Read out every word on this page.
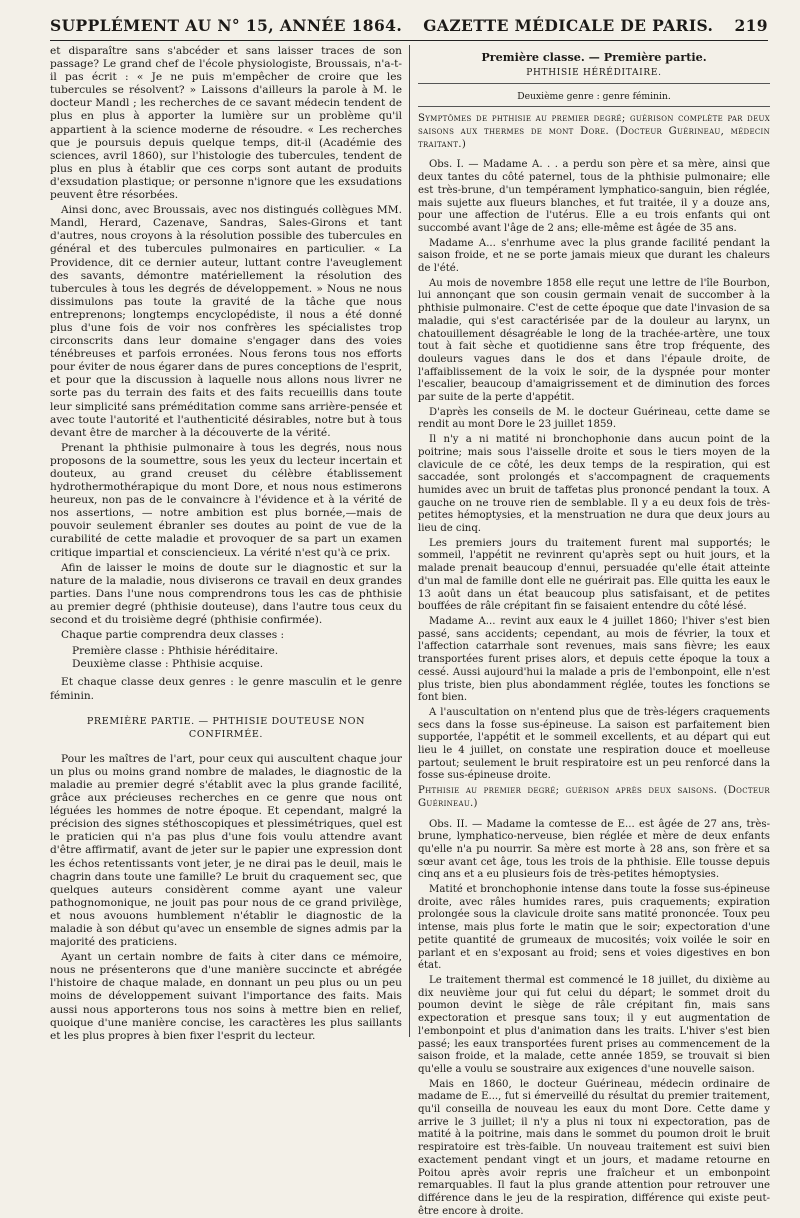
SUPPLÉMENT AU N° 15, ANNÉE 1864. GAZETTE MÉDICALE DE PARIS. 219

et disparaître sans s'abcéder et sans laisser traces de son passage? Le grand chef de l'école physiologiste, Broussais, n'a-t-il pas écrit : « Je ne puis m'empêcher de croire que les tubercules se résolvent? » Laissons d'ailleurs la parole à M. le docteur Mandl ; les recherches de ce savant médecin tendent de plus en plus à apporter la lumière sur un problème qu'il appartient à la science moderne de résoudre. « Les recherches que je poursuis depuis quelque temps, dit-il (Académie des sciences, avril 1860), sur l'histologie des tubercules, tendent de plus en plus à établir que ces corps sont autant de produits d'exsudation plastique; or personne n'ignore que les exsudations peuvent être résorbées.

Ainsi donc, avec Broussais, avec nos distingués collègues MM. Mandl, Herard, Cazenave, Sandras, Sales-Girons et tant d'autres, nous croyons à la résolution possible des tubercules en général et des tubercules pulmonaires en particulier. « La Providence, dit ce dernier auteur, luttant contre l'aveuglement des savants, démontre matériellement la résolution des tubercules à tous les degrés de développement. » Nous ne nous dissimulons pas toute la gravité de la tâche que nous entreprenons; longtemps encyclopédiste, il nous a été donné plus d'une fois de voir nos confrères les spécialistes trop circonscrits dans leur domaine s'engager dans des voies ténébreuses et parfois erronées. Nous ferons tous nos efforts pour éviter de nous égarer dans de pures conceptions de l'esprit, et pour que la discussion à laquelle nous allons nous livrer ne sorte pas du terrain des faits et des faits recueillis dans toute leur simplicité sans préméditation comme sans arrière-pensée et avec toute l'autorité et l'authenticité désirables, notre but à tous devant être de marcher à la découverte de la vérité.

Prenant la phthisie pulmonaire à tous les degrés, nous nous proposons de la soumettre, sous les yeux du lecteur incertain et douteux, au grand creuset du célèbre établissement hydrothermothérapique du mont Dore, et nous nous estimerons heureux, non pas de le convaincre à l'évidence et à la vérité de nos assertions, — notre ambition est plus bornée,—mais de pouvoir seulement ébranler ses doutes au point de vue de la curabilité de cette maladie et provoquer de sa part un examen critique impartial et consciencieux. La vérité n'est qu'à ce prix.

Afin de laisser le moins de doute sur le diagnostic et sur la nature de la maladie, nous diviserons ce travail en deux grandes parties. Dans l'une nous comprendrons tous les cas de phthisie au premier degré (phthisie douteuse), dans l'autre tous ceux du second et du troisième degré (phthisie confirmée).

Chaque partie comprendra deux classes :

Première classe : Phthisie héréditaire.
Deuxième classe : Phthisie acquise.

Et chaque classe deux genres : le genre masculin et le genre féminin.

PREMIÈRE PARTIE. — PHTHISIE DOUTEUSE NON CONFIRMÉE.

Pour les maîtres de l'art, pour ceux qui auscultent chaque jour un plus ou moins grand nombre de malades, le diagnostic de la maladie au premier degré s'établit avec la plus grande facilité, grâce aux précieuses recherches en ce genre que nous ont léguées les hommes de notre époque. Et cependant, malgré la précision des signes stéthoscopiques et plessimétriques, quel est le praticien qui n'a pas plus d'une fois voulu attendre avant d'être affirmatif, avant de jeter sur le papier une expression dont les échos retentissants vont jeter, je ne dirai pas le deuil, mais le chagrin dans toute une famille? Le bruit du craquement sec, que quelques auteurs considèrent comme ayant une valeur pathognomonique, ne jouit pas pour nous de ce grand privilège, et nous avouons humblement n'établir le diagnostic de la maladie à son début qu'avec un ensemble de signes admis par la majorité des praticiens.

Ayant un certain nombre de faits à citer dans ce mémoire, nous ne présenterons que d'une manière succincte et abrégée l'histoire de chaque malade, en donnant un peu plus ou un peu moins de développement suivant l'importance des faits. Mais aussi nous apporterons tous nos soins à mettre bien en relief, quoique d'une manière concise, les caractères les plus saillants et les plus propres à bien fixer l'esprit du lecteur.

Première classe. — Première partie.
PHTHISIE HÉRÉDITAIRE.
Deuxième genre : genre féminin.

Symptômes de phthisie au premier degré; guérison complète par deux saisons aux thermes de mont Dore. (Docteur Guérineau, médecin traitant.)

Obs. I. — Madame A. . . a perdu son père et sa mère, ainsi que deux tantes du côté paternel, tous de la phthisie pulmonaire; elle est très-brune, d'un tempérament lymphatico-sanguin, bien réglée, mais sujette aux flueurs blanches, et fut traitée, il y a douze ans, pour une affection de l'utérus. Elle a eu trois enfants qui ont succombé avant l'âge de 2 ans; elle-même est âgée de 35 ans.

Madame A... s'enrhume avec la plus grande facilité pendant la saison froide, et ne se porte jamais mieux que durant les chaleurs de l'été.

Au mois de novembre 1858 elle reçut une lettre de l'île Bourbon, lui annonçant que son cousin germain venait de succomber à la phthisie pulmonaire. C'est de cette époque que date l'invasion de sa maladie, qui s'est caractérisée par de la douleur au larynx, un chatouillement désagréable le long de la trachée-artère, une toux tout à fait sèche et quotidienne sans être trop fréquente, des douleurs vagues dans le dos et dans l'épaule droite, de l'affaiblissement de la voix le soir, de la dyspnée pour monter l'escalier, beaucoup d'amaigrissement et de diminution des forces par suite de la perte d'appétit.

D'après les conseils de M. le docteur Guérineau, cette dame se rendit au mont Dore le 23 juillet 1859.

Il n'y a ni matité ni bronchophonie dans aucun point de la poitrine; mais sous l'aisselle droite et sous le tiers moyen de la clavicule de ce côté, les deux temps de la respiration, qui est saccadée, sont prolongés et s'accompagnent de craquements humides avec un bruit de taffetas plus prononcé pendant la toux. A gauche on ne trouve rien de semblable. Il y a eu deux fois de très-petites hémoptysies, et la menstruation ne dura que deux jours au lieu de cinq.

Les premiers jours du traitement furent mal supportés; le sommeil, l'appétit ne revinrent qu'après sept ou huit jours, et la malade prenait beaucoup d'ennui, persuadée qu'elle était atteinte d'un mal de famille dont elle ne guérirait pas. Elle quitta les eaux le 13 août dans un état beaucoup plus satisfaisant, et de petites bouffées de râle crépitant fin se faisaient entendre du côté lésé.

Madame A... revint aux eaux le 4 juillet 1860; l'hiver s'est bien passé, sans accidents; cependant, au mois de février, la toux et l'affection catarrhale sont revenues, mais sans fièvre; les eaux transportées furent prises alors, et depuis cette époque la toux a cessé. Aussi aujourd'hui la malade a pris de l'embonpoint, elle n'est plus triste, bien plus abondamment réglée, toutes les fonctions se font bien.

A l'auscultation on n'entend plus que de très-légers craquements secs dans la fosse sus-épineuse. La saison est parfaitement bien supportée, l'appétit et le sommeil excellents, et au départ qui eut lieu le 4 juillet, on constate une respiration douce et moelleuse partout; seulement le bruit respiratoire est un peu renforcé dans la fosse sus-épineuse droite.

Phthisie au premier degré; guérison après deux saisons. (Docteur Guérineau.)

Obs. II. — Madame la comtesse de E... est âgée de 27 ans, très-brune, lymphatico-nerveuse, bien réglée et mère de deux enfants qu'elle n'a pu nourrir. Sa mère est morte à 28 ans, son frère et sa sœur avant cet âge, tous les trois de la phthisie. Elle tousse depuis cinq ans et a eu plusieurs fois de très-petites hémoptysies.

Matité et bronchophonie intense dans toute la fosse sus-épineuse droite, avec râles humides rares, puis craquements; expiration prolongée sous la clavicule droite sans matité prononcée. Toux peu intense, mais plus forte le matin que le soir; expectoration d'une petite quantité de grumeaux de mucosités; voix voilée le soir en parlant et en s'exposant au froid; sens et voies digestives en bon état.

Le traitement thermal est commencé le 18 juillet, du dixième au dix neuvième jour qui fut celui du départ; le sommet droit du poumon devint le siège de râle crépitant fin, mais sans expectoration et presque sans toux; il y eut augmentation de l'embonpoint et plus d'animation dans les traits. L'hiver s'est bien passé; les eaux transportées furent prises au commencement de la saison froide, et la malade, cette année 1859, se trouvait si bien qu'elle a voulu se soustraire aux exigences d'une nouvelle saison.

Mais en 1860, le docteur Guérineau, médecin ordinaire de madame de E..., fut si émerveillé du résultat du premier traitement, qu'il conseilla de nouveau les eaux du mont Dore. Cette dame y arrive le 3 juillet; il n'y a plus ni toux ni expectoration, pas de matité à la poitrine, mais dans le sommet du poumon droit le bruit respiratoire est très-faible. Un nouveau traitement est suivi bien exactement pendant vingt et un jours, et madame retourne en Poitou après avoir repris une fraîcheur et un embonpoint remarquables. Il faut la plus grande attention pour retrouver une différence dans le jeu de la respiration, différence qui existe peut-être encore à droite.
